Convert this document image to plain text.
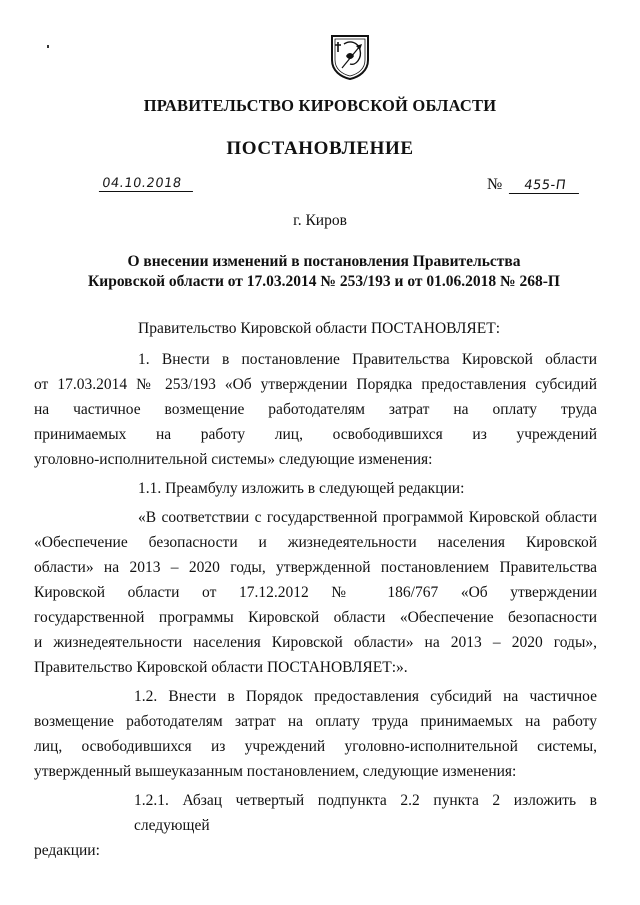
ПРАВИТЕЛЬСТВО КИРОВСКОЙ ОБЛАСТИ
ПОСТАНОВЛЕНИЕ
04.10.2018	№ 455-П
г. Киров
О внесении изменений в постановления Правительства
Кировской области от 17.03.2014 № 253/193 и от 01.06.2018 № 268-П
Правительство Кировской области ПОСТАНОВЛЯЕТ:
1. Внести в постановление Правительства Кировской области
от 17.03.2014 № 253/193 «Об утверждении Порядка предоставления субсидий
на частичное возмещение работодателям затрат на оплату труда
принимаемых на работу лиц, освободившихся из учреждений
уголовно-исполнительной системы» следующие изменения:
1.1. Преамбулу изложить в следующей редакции:
«В соответствии с государственной программой Кировской области
«Обеспечение безопасности и жизнедеятельности населения Кировской
области» на 2013 – 2020 годы, утвержденной постановлением Правительства
Кировской области от 17.12.2012 № 186/767 «Об утверждении
государственной программы Кировской области «Обеспечение безопасности
и жизнедеятельности населения Кировской области» на 2013 – 2020 годы»,
Правительство Кировской области ПОСТАНОВЛЯЕТ:».
1.2. Внести в Порядок предоставления субсидий на частичное
возмещение работодателям затрат на оплату труда принимаемых на работу
лиц, освободившихся из учреждений уголовно-исполнительной системы,
утвержденный вышеуказанным постановлением, следующие изменения:
1.2.1. Абзац четвертый подпункта 2.2 пункта 2 изложить в следующей
редакции:
